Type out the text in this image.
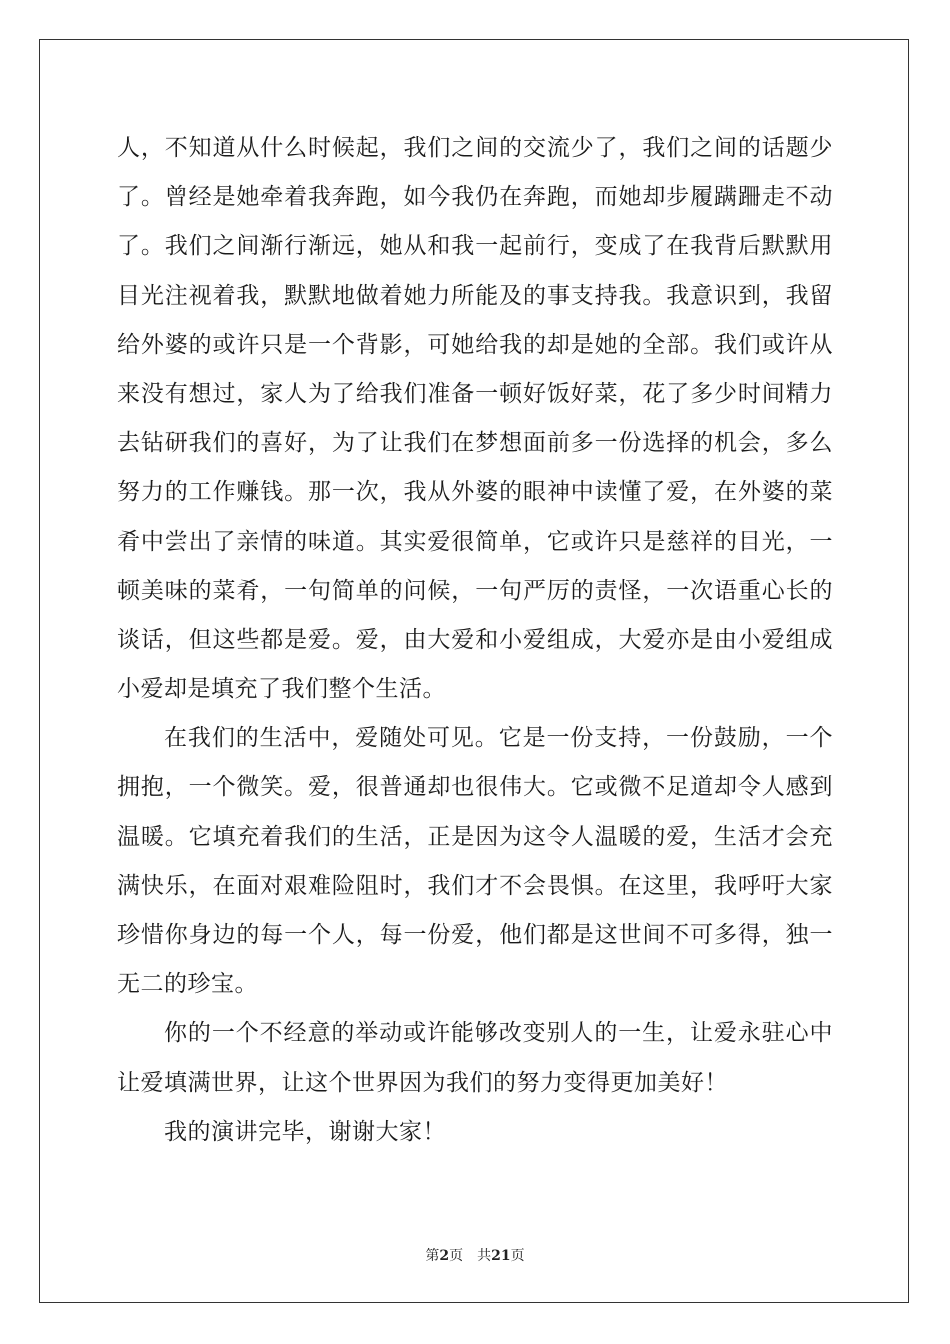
人，不知道从什么时候起，我们之间的交流少了，我们之间的话题少
了。曾经是她牵着我奔跑，如今我仍在奔跑，而她却步履蹒跚走不动
了。我们之间渐行渐远，她从和我一起前行，变成了在我背后默默用
目光注视着我，默默地做着她力所能及的事支持我。我意识到，我留
给外婆的或许只是一个背影，可她给我的却是她的全部。我们或许从
来没有想过，家人为了给我们准备一顿好饭好菜，花了多少时间精力
去钻研我们的喜好，为了让我们在梦想面前多一份选择的机会，多么
努力的工作赚钱。那一次，我从外婆的眼神中读懂了爱，在外婆的菜
肴中尝出了亲情的味道。其实爱很简单，它或许只是慈祥的目光，一
顿美味的菜肴，一句简单的问候，一句严厉的责怪，一次语重心长的
谈话，但这些都是爱。爱，由大爱和小爱组成，大爱亦是由小爱组成
小爱却是填充了我们整个生活。
在我们的生活中，爱随处可见。它是一份支持，一份鼓励，一个
拥抱，一个微笑。爱，很普通却也很伟大。它或微不足道却令人感到
温暖。它填充着我们的生活，正是因为这令人温暖的爱，生活才会充
满快乐，在面对艰难险阻时，我们才不会畏惧。在这里，我呼吁大家
珍惜你身边的每一个人，每一份爱，他们都是这世间不可多得，独一
无二的珍宝。
你的一个不经意的举动或许能够改变别人的一生，让爱永驻心中
让爱填满世界，让这个世界因为我们的努力变得更加美好！
我的演讲完毕，谢谢大家！
第2页 共21页
